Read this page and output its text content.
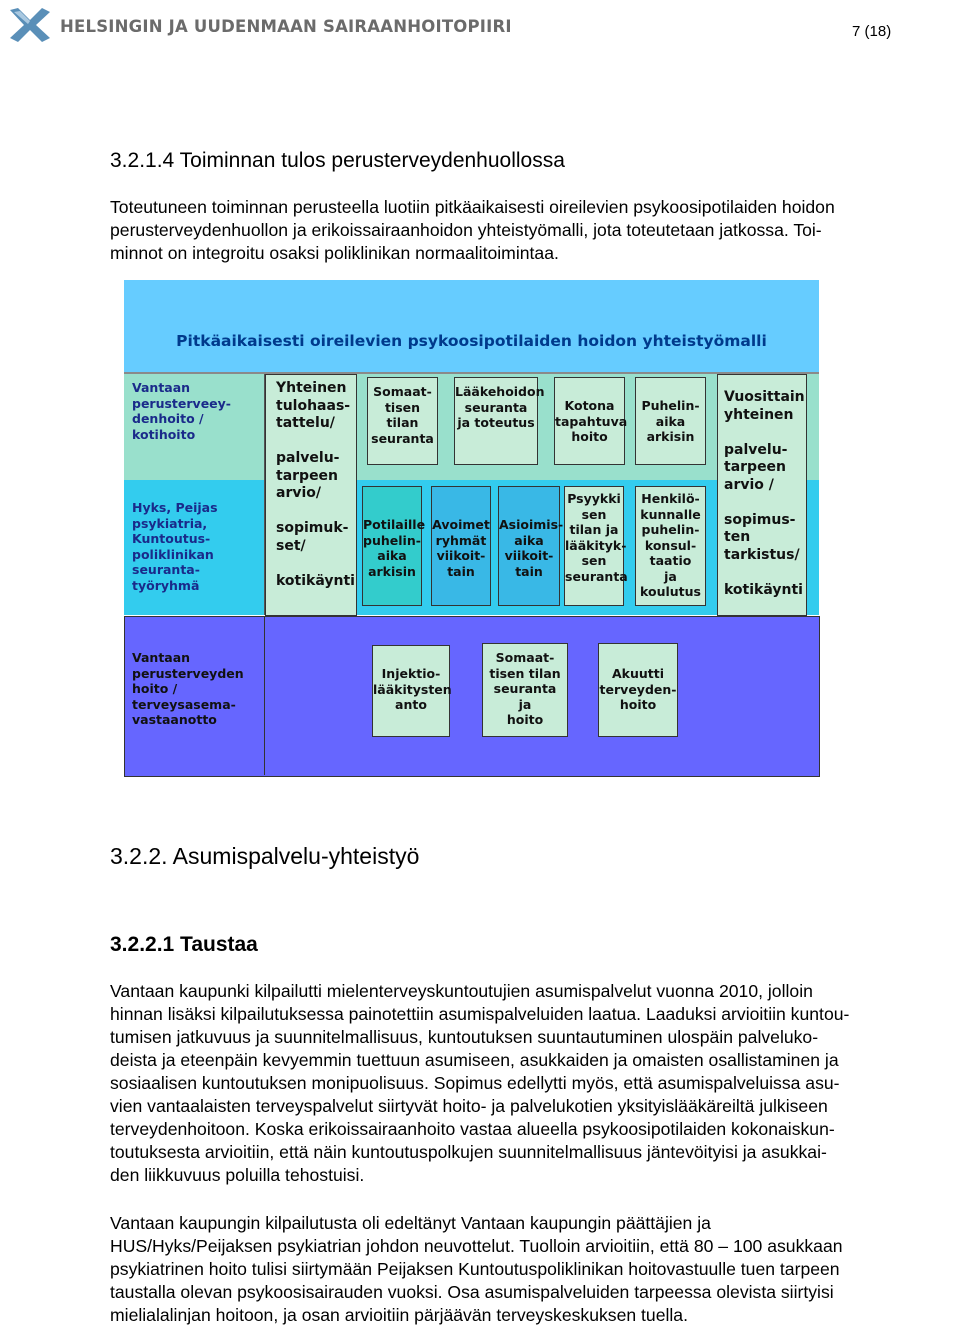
HELSINGIN JA UUDENMAAN SAIRAANHOITOPIIRI	7 (18)
3.2.1.4 Toiminnan tulos perusterveydenhuollossa
Toteutuneen toiminnan perusteella luotiin pitkäaikaisesti oireilevien psykoosipotilaiden hoidon
perusterveydenhuollon ja erikoissairaanhoidon yhteistyömalli, jota toteutetaan jatkossa. Toi-
minnot on integroitu osaksi poliklinikan normaalitoimintaa.
Pitkäaikaisesti oireilevien psykoosipotilaiden hoidon yhteistyömalli
Vantaan
perusterveey-
denhoito /
kotihoito
Hyks, Peijas
psykiatria,
Kuntoutus-
poliklinikan
seuranta-
työryhmä
Yhteinen
tulohaas-
tattelu/

palvelu-
tarpeen
arvio/

sopimuk-
set/

kotikäynti
Vuosittain
yhteinen

palvelu-
tarpeen
arvio /

sopimus-
ten
tarkistus/

kotikäynti
Somaat-
tisen
tilan
seuranta
Lääkehoidon
seuranta
ja toteutus
Kotona
tapahtuva
hoito
Puhelin-
aika
arkisin
Potilaille
puhelin-
aika
arkisin
Avoimet
ryhmät
viikoit-
tain
Asioimis-
aika
viikoit-
tain
Psyykki
sen
tilan ja
lääkityk-
sen
seuranta
Henkilö-
kunnalle
puhelin-
konsul-
taatio
ja
koulutus
Vantaan
perusterveyden
hoito /
terveysasema-
vastaanotto
Injektio-
lääkitysten
anto
Somaat-
tisen tilan
seuranta
ja
hoito
Akuutti
terveyden-
hoito
3.2.2. Asumispalvelu-yhteistyö
3.2.2.1 Taustaa
Vantaan kaupunki kilpailutti mielenterveyskuntoutujien asumispalvelut vuonna 2010, jolloin
hinnan lisäksi kilpailutuksessa painotettiin asumispalveluiden laatua. Laaduksi arvioitiin kuntou-
tumisen jatkuvuus ja suunnitelmallisuus, kuntoutuksen suuntautuminen ulospäin palveluko-
deista ja eteenpäin kevyemmin tuettuun asumiseen, asukkaiden ja omaisten osallistaminen ja
sosiaalisen kuntoutuksen monipuolisuus. Sopimus edellytti myös, että asumispalveluissa asu-
vien vantaalaisten terveyspalvelut siirtyvät hoito- ja palvelukotien yksityislääkäreiltä julkiseen
terveydenhoitoon. Koska erikoissairaanhoito vastaa alueella psykoosipotilaiden kokonaiskun-
toutuksesta arvioitiin, että näin kuntoutuspolkujen suunnitelmallisuus jäntevöityisi ja asukkai-
den liikkuvuus poluilla tehostuisi.
Vantaan kaupungin kilpailutusta oli edeltänyt Vantaan kaupungin päättäjien ja
HUS/Hyks/Peijaksen psykiatrian johdon neuvottelut. Tuolloin arvioitiin, että 80 – 100 asukkaan
psykiatrinen hoito tulisi siirtymään Peijaksen Kuntoutuspoliklinikan hoitovastuulle tuen tarpeen
taustalla olevan psykoosisairauden vuoksi. Osa asumispalveluiden tarpeessa olevista siirtyisi
mielialalinjan hoitoon, ja osan arvioitiin pärjäävän terveyskeskuksen tuella.
